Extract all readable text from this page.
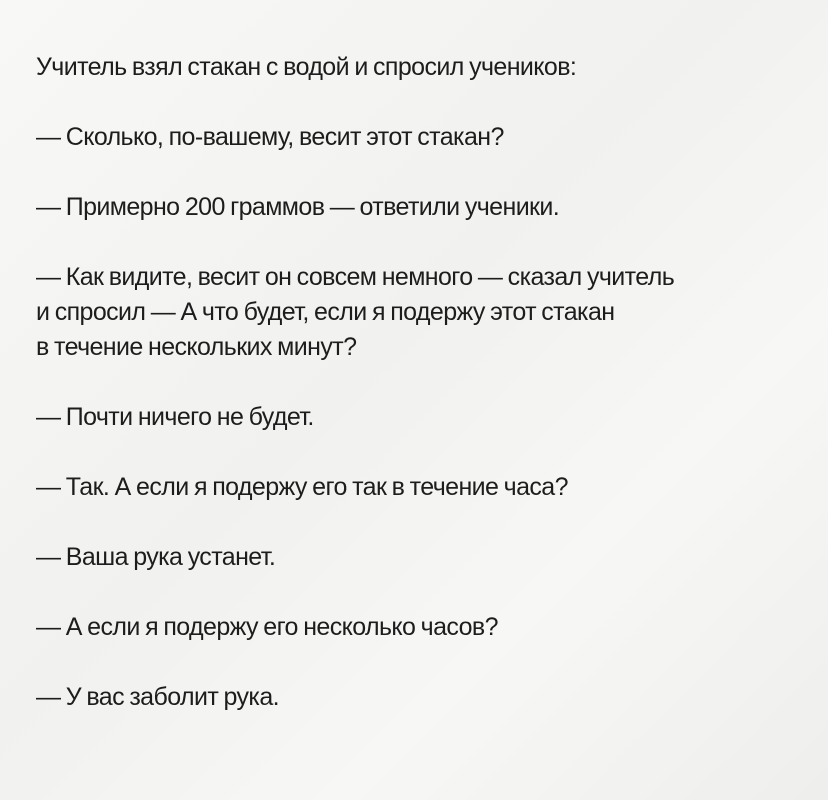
Учитель взял стакан с водой и спросил учеников:

— Сколько, по-вашему, весит этот стакан?

— Примерно 200 граммов — ответили ученики.

— Как видите, весит он совсем немного — сказал учитель
и спросил — А что будет, если я подержу этот стакан
в течение нескольких минут?

— Почти ничего не будет.

— Так. А если я подержу его так в течение часа?

— Ваша рука устанет.

— А если я подержу его несколько часов?

— У вас заболит рука.
